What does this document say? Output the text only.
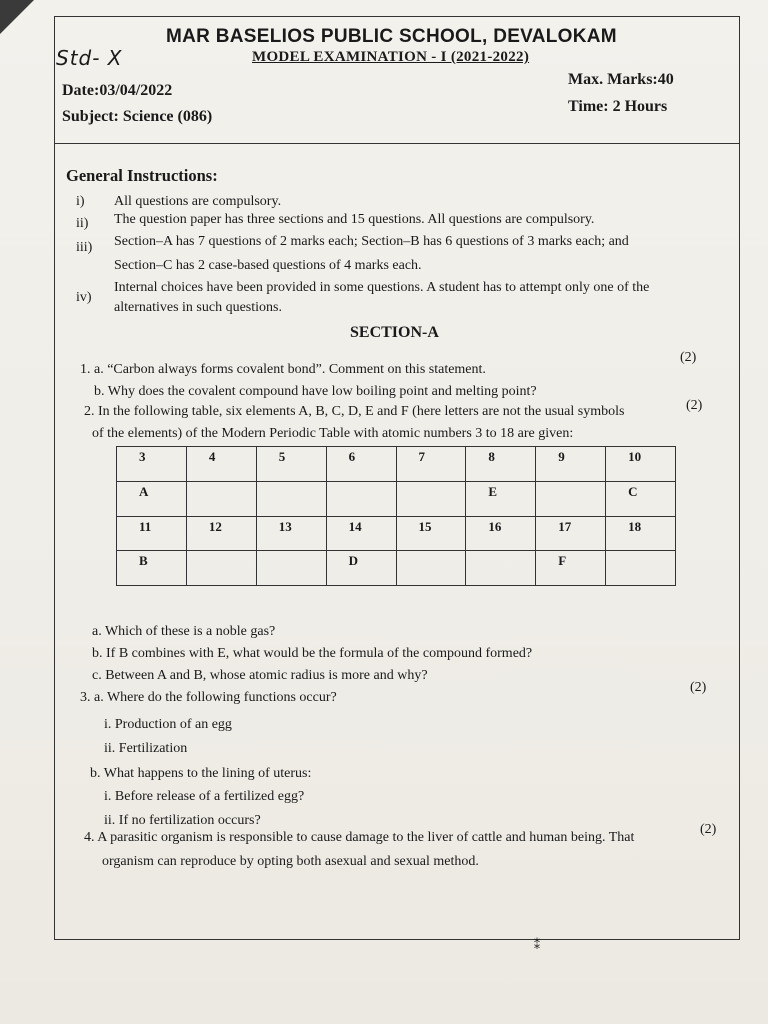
Std- X
MAR BASELIOS PUBLIC SCHOOL, DEVALOKAM
MODEL EXAMINATION - I (2021-2022)
Date:03/04/2022
Subject: Science (086)
Max. Marks:40
Time: 2 Hours
General Instructions:
i) All questions are compulsory.
ii) The question paper has three sections and 15 questions. All questions are compulsory.
iii) Section–A has 7 questions of 2 marks each; Section–B has 6 questions of 3 marks each; and
Section–C has 2 case-based questions of 4 marks each.
iv)
Internal choices have been provided in some questions. A student has to attempt only one of the
alternatives in such questions.
SECTION-A
1. a. “Carbon always forms covalent bond”. Comment on this statement.
(2)
b. Why does the covalent compound have low boiling point and melting point?
2. In the following table, six elements A, B, C, D, E and F (here letters are not the usual symbols	(2)
of the elements) of the Modern Periodic Table with atomic numbers 3 to 18 are given:
3	4	5	6	7	8	9	10
A					E		C
11	12	13	14	15	16	17	18
B			D			F	
a. Which of these is a noble gas?
b. If B combines with E, what would be the formula of the compound formed?
c. Between A and B, whose atomic radius is more and why?
3. a. Where do the following functions occur?
(2)
i. Production of an egg
ii. Fertilization
b. What happens to the lining of uterus:
i. Before release of a fertilized egg?
ii. If no fertilization occurs?
4. A parasitic organism is responsible to cause damage to the liver of cattle and human being. That
(2)
organism can reproduce by opting both asexual and sexual method.
⁑
